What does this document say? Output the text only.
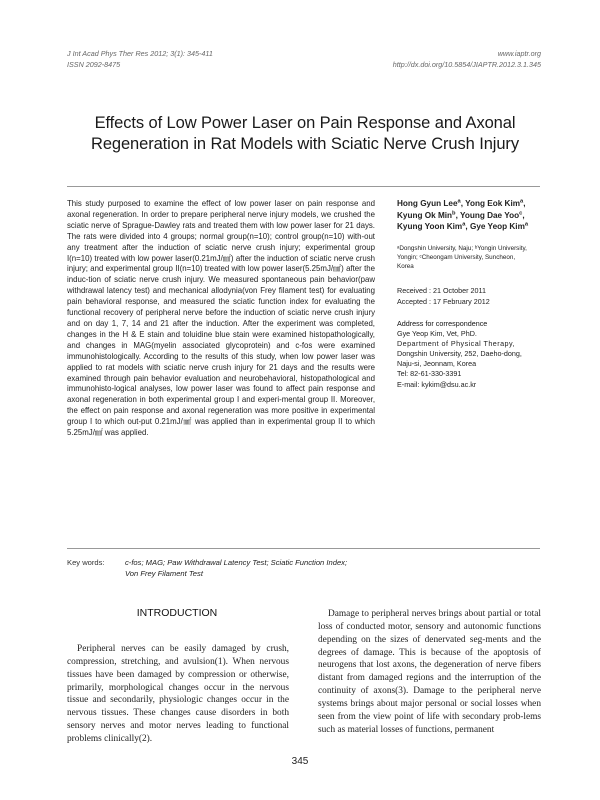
J Int Acad Phys Ther Res 2012; 3(1): 345-411
ISSN 2092-8475
www.iaptr.org
http://dx.doi.org/10.5854/JIAPTR.2012.3.1.345
Effects of Low Power Laser on Pain Response and Axonal
Regeneration in Rat Models with Sciatic Nerve Crush Injury

This study purposed to examine the effect of low power laser on pain response and axonal regeneration. In order to prepare peripheral nerve injury models, we crushed the sciatic nerve of Sprague-Dawley rats and treated them with low power laser for 21 days. The rats were divided into 4 groups; normal group(n=10); control group(n=10) with-out any treatment after the induction of sciatic nerve crush injury; experimental group I(n=10) treated with low power laser(0.21mJ/㎟) after the induction of sciatic nerve crush injury; and experimental group II(n=10) treated with low power laser(5.25mJ/㎟) after the induc-tion of sciatic nerve crush injury. We measured spontaneous pain behavior(paw withdrawal latency test) and mechanical allodynia(von Frey filament test) for evaluating pain behavioral response, and measured the sciatic function index for evaluating the functional recovery of peripheral nerve before the induction of sciatic nerve crush injury and on day 1, 7, 14 and 21 after the induction. After the experiment was completed, changes in the H & E stain and toluidine blue stain were examined histopathologically, and changes in MAG(myelin associated glycoprotein) and c-fos were examined immunohistologically. According to the results of this study, when low power laser was applied to rat models with sciatic nerve crush injury for 21 days and the results were examined through pain behavior evaluation and neurobehavioral, histopathological and immunohisto-logical analyses, low power laser was found to affect pain response and axonal regeneration in both experimental group I and experi-mental group II. Moreover, the effect on pain response and axonal regeneration was more positive in experimental group I to which out-put 0.21mJ/㎟ was applied than in experimental group II to which 5.25mJ/㎟ was applied.

Hong Gyun Lee$^a$, Yong Eok Kim$^a$,
Kyung Ok Min$^b$, Young Dae Yoo$^c$,
Kyung Yoon Kim$^a$, Gye Yeop Kim$^a$
ᵃDongshin University, Naju; ᵇYongin University,
Yongin; ᶜCheongam University, Suncheon,
Korea
Received : 21 October 2011
Accepted : 17 February 2012
Address for correspondence
Gye Yeop Kim, Vet, PhD.
Department of Physical Therapy,
Dongshin University, 252, Daeho-dong,
Naju-si, Jeonnam, Korea
Tel: 82-61-330-3391
E-mail: kykim@dsu.ac.kr
Key words:	c-fos; MAG; Paw Withdrawal Latency Test; Sciatic Function Index;
Von Frey Filament Test
INTRODUCTION

Peripheral nerves can be easily damaged by crush, compression, stretching, and avulsion(1). When nervous tissues have been damaged by compression or otherwise, primarily, morphological changes occur in the nervous tissue and secondarily, physiologic changes occur in the nervous tissues. These changes cause disorders in both sensory nerves and motor nerves leading to functional problems clinically(2).

Damage to peripheral nerves brings about partial or total loss of conducted motor, sensory and autonomic functions depending on the sizes of denervated seg-ments and the degrees of damage. This is because of the apoptosis of neurogens that lost axons, the degeneration of nerve fibers distant from damaged regions and the interruption of the continuity of axons(3). Damage to the peripheral nerve systems brings about major personal or social losses when seen from the view point of life with secondary prob-lems such as material losses of functions, permanent

345
